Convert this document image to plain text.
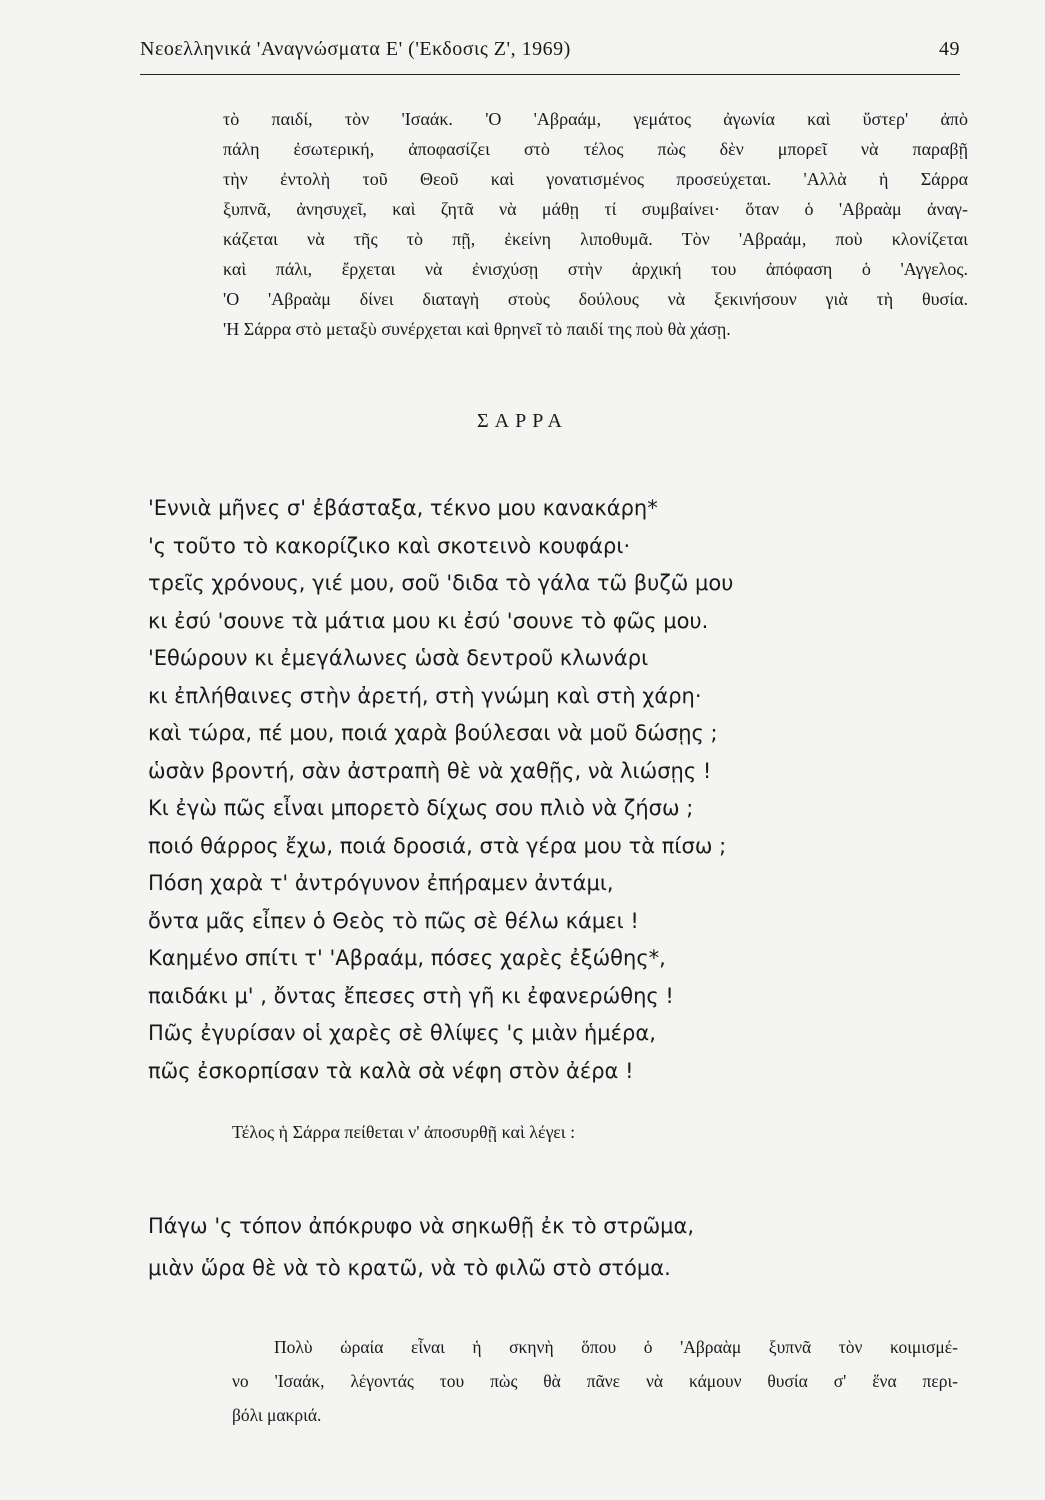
Νεοελληνικά 'Αναγνώσματα Ε' ('Εκδοσις Ζ', 1969)	49
τὸ παιδί, τὸν 'Ισαάκ. 'Ο 'Αβραάμ, γεμάτος ἀγωνία καὶ ὕστερ' ἀπὸ
πάλη ἐσωτερική, ἀποφασίζει στὸ τέλος πὼς δὲν μπορεῖ νὰ παραβῇ
τὴν ἐντολὴ τοῦ Θεοῦ καὶ γονατισμένος προσεύχεται. 'Αλλὰ ἡ Σάρρα
ξυπνᾶ, ἀνησυχεῖ, καὶ ζητᾶ νὰ μάθῃ τί συμβαίνει· ὅταν ὁ 'Αβραὰμ ἀναγ-
κάζεται νὰ τῆς τὸ πῇ, ἐκείνη λιποθυμᾶ. Τὸν 'Αβραάμ, ποὺ κλονίζεται
καὶ πάλι, ἔρχεται νὰ ἐνισχύσῃ στὴν ἀρχική του ἀπόφαση ὁ 'Αγγελος.
'Ο 'Αβραὰμ δίνει διαταγὴ στοὺς δούλους νὰ ξεκινήσουν γιὰ τὴ θυσία.
'Η Σάρρα στὸ μεταξὺ συνέρχεται καὶ θρηνεῖ τὸ παιδί της ποὺ θὰ χάσῃ.
ΣΑΡΡΑ
'Εννιὰ μῆνες σ' ἐβάσταξα, τέκνο μου κανακάρη*
'ς τοῦτο τὸ κακορίζικο καὶ σκοτεινὸ κουφάρι·
τρεῖς χρόνους, γιέ μου, σοῦ 'διδα τὸ γάλα τῶ βυζῶ μου
κι ἐσύ 'σουνε τὰ μάτια μου κι ἐσύ 'σουνε τὸ φῶς μου.
'Εθώρουν κι ἐμεγάλωνες ὡσὰ δεντροῦ κλωνάρι
κι ἐπλήθαινες στὴν ἀρετή, στὴ γνώμη καὶ στὴ χάρη·
καὶ τώρα, πέ μου, ποιά χαρὰ βούλεσαι νὰ μοῦ δώσῃς ;
ὡσὰν βροντή, σὰν ἀστραπὴ θὲ νὰ χαθῇς, νὰ λιώσῃς !
Κι ἐγὼ πῶς εἶναι μπορετὸ δίχως σου πλιὸ νὰ ζήσω ;
ποιό θάρρος ἔχω, ποιά δροσιά, στὰ γέρα μου τὰ πίσω ;
Πόση χαρὰ τ' ἀντρόγυνον ἐπήραμεν ἀντάμι,
ὄντα μᾶς εἶπεν ὁ Θεὸς τὸ πῶς σὲ θέλω κάμει !
Καημένο σπίτι τ' 'Αβραάμ, πόσες χαρὲς ἐξώθης*,
παιδάκι μ' , ὄντας ἔπεσες στὴ γῆ κι ἐφανερώθης !
Πῶς ἐγυρίσαν οἱ χαρὲς σὲ θλίψες 'ς μιὰν ἡμέρα,
πῶς ἐσκορπίσαν τὰ καλὰ σὰ νέφη στὸν ἀέρα !
Τέλος ἡ Σάρρα πείθεται ν' ἀποσυρθῇ καὶ λέγει :
Πάγω 'ς τόπον ἀπόκρυφο νὰ σηκωθῇ ἐκ τὸ στρῶμα,
μιὰν ὥρα θὲ νὰ τὸ κρατῶ, νὰ τὸ φιλῶ στὸ στόμα.
Πολὺ ὡραία εἶναι ἡ σκηνὴ ὅπου ὁ 'Αβραὰμ ξυπνᾶ τὸν κοιμισμέ-
νο 'Ισαάκ, λέγοντάς του πὼς θὰ πᾶνε νὰ κάμουν θυσία σ' ἕνα περι-
βόλι μακριά.
